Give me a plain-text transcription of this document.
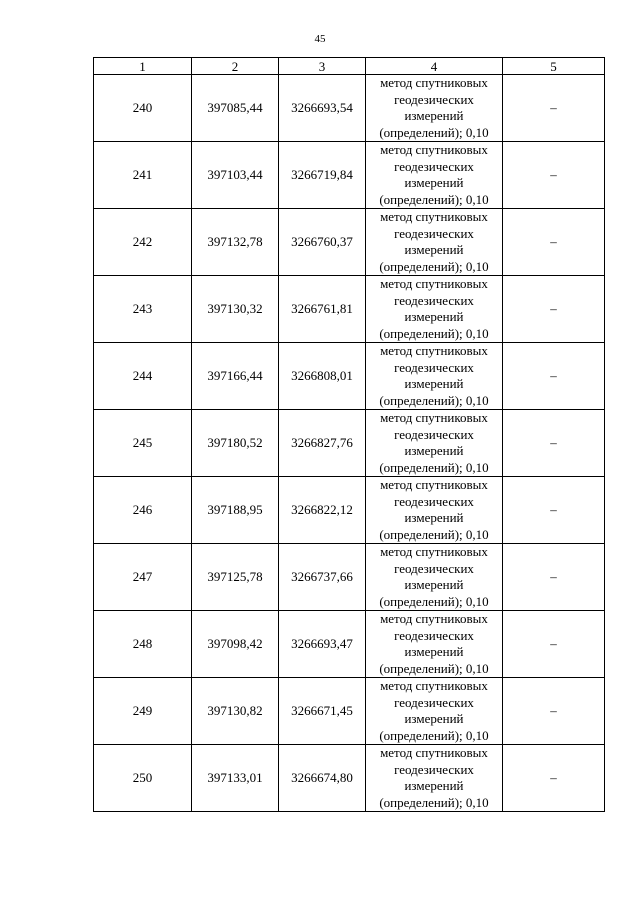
45
1	2	3	4	5
240	397085,44	3266693,54	метод спутниковых
геодезических
измерений
(определений); 0,10	–
241	397103,44	3266719,84	метод спутниковых
геодезических
измерений
(определений); 0,10	–
242	397132,78	3266760,37	метод спутниковых
геодезических
измерений
(определений); 0,10	–
243	397130,32	3266761,81	метод спутниковых
геодезических
измерений
(определений); 0,10	–
244	397166,44	3266808,01	метод спутниковых
геодезических
измерений
(определений); 0,10	–
245	397180,52	3266827,76	метод спутниковых
геодезических
измерений
(определений); 0,10	–
246	397188,95	3266822,12	метод спутниковых
геодезических
измерений
(определений); 0,10	–
247	397125,78	3266737,66	метод спутниковых
геодезических
измерений
(определений); 0,10	–
248	397098,42	3266693,47	метод спутниковых
геодезических
измерений
(определений); 0,10	–
249	397130,82	3266671,45	метод спутниковых
геодезических
измерений
(определений); 0,10	–
250	397133,01	3266674,80	метод спутниковых
геодезических
измерений
(определений); 0,10	–
